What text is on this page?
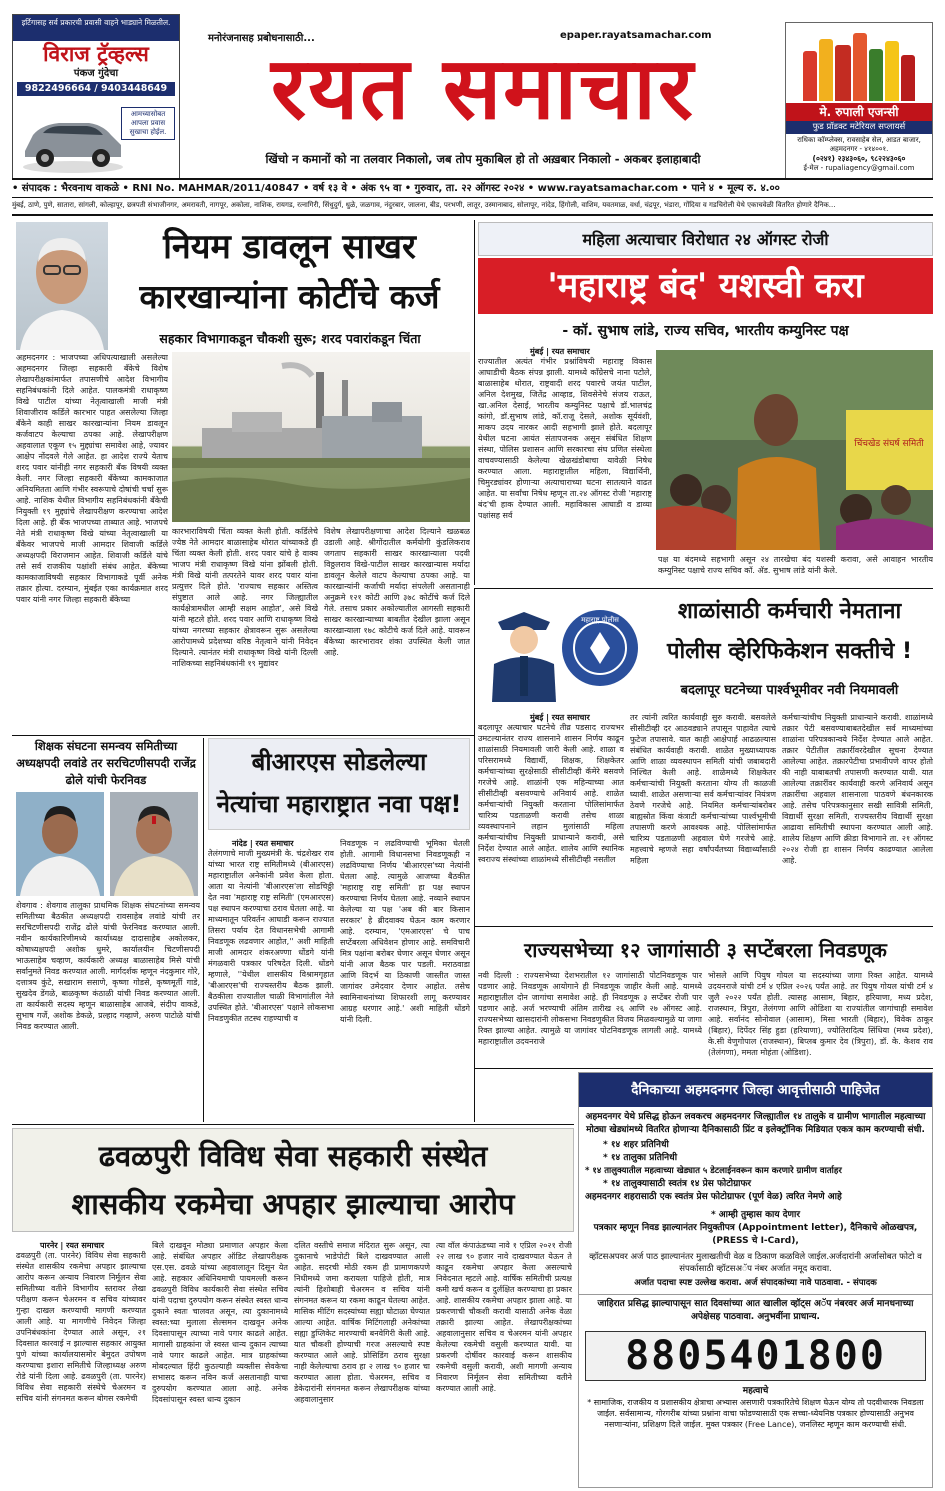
इर्टिगासह सर्व प्रकारची प्रवासी वाहने भाड्याने मिळतील.
विराज ट्रॅव्हल्स
पंकज गुंदेचा
9822496664 / 9403448649
आमच्यासोबत आपला प्रवास सुखाचा होईल.
मनोरंजनासह प्रबोधनासाठी...	epaper.rayatsamachar.com
रयत समाचार
खिंचो न कमानों को ना तलवार निकालो, जब तोप मुकाबिल हो तो अख़बार निकालो - अकबर इलाहाबादी
मे. रुपाली एजन्सी
फुड प्रॉडक्ट मटेरियल सप्लायर्स
राधिका कॉम्प्लेक्स, रावसाहेब सेल, आडत बाजार, अहमदनगर - ४१४००१.
(०२४१) २३४३०६०, ९८२२४३०६०
ई-मेल - rupaliagency@gmail.com
• संपादक : भैरवनाथ वाकळे • RNI No. MAHMAR/2011/40847 • वर्ष १३ वे • अंक ९५ वा • गुरुवार, ता. २२ ऑगस्ट २०२४ • www.rayatsamachar.com • पाने ४ • मूल्य रु. ४.००
मुंबई, ठाणे, पुणे, सातारा, सांगली, कोल्हापूर, छत्रपती संभाजीनगर, अमरावती, नागपूर, अकोला, नाशिक, रायगड, रत्नागिरी, सिंधुदुर्ग, धुळे, जळगाव, नंदुरबार, जालना, बीड, परभणी, लातूर, उस्मानाबाद, सोलापूर, नांदेड, हिंगोली, वाशिम, यवतमाळ, वर्धा, चंद्रपूर, भंडारा, गोंदिया व गडचिरोली येथे एकाचवेळी वितरित होणारे दैनिक...
नियम डावलून साखर
कारखान्यांना कोटींचे कर्ज
सहकार विभागाकडून चौकशी सुरू; शरद पवारांकडून चिंता
अहमदनगर : भाजपच्या अधिपत्याखाली असलेल्या अहमदनगर जिल्हा सहकारी बँकेचे विशेष लेखापरीक्षकांमार्फत तपासणीचे आदेश विभागीय सहनिबंधकांनी दिले आहेत. पालकमंत्री राधाकृष्ण विखे पाटील यांच्या नेतृत्वाखाली माजी मंत्री शिवाजीराव कर्डिले कारभार पाहत असलेल्या जिल्हा बँकेने काही साखर कारखान्यांना नियम डावलून कर्जवाटप केल्याचा ठपका आहे. लेखापरीक्षण अहवालात एकूण १५ मुद्द्यांचा समावेश आहे, ज्यावर आक्षेप नोंदवले गेले आहेत. हा आदेश राज्ये येताच शरद पवार यांनीही नगर सहकारी बँक विषयी व्यक्त केली. नगर जिल्हा सहकारी बँकेच्या कामकाजात अनियमितता आणि गंभीर स्वरूपाचे दोषांची चर्चा सुरू आहे. नाशिक येथील विभागीय सहनिबंधकांनी बँकेची नियुक्ती १९ मुद्द्यांचे लेखापरीक्षण करण्याचा आदेश दिला आहे. ही बँक भाजपच्या ताब्यात आहे. भाजपचे नेते मंत्री राधाकृष्ण विखे यांच्या नेतृत्वाखाली या बँकेवर भाजपचे माजी आमदार शिवाजी कर्डिले अध्यक्षपदी विराजमान आहेत. शिवाजी कर्डिले यांचे तसे सर्व राजकीय पक्षांशी संबंध आहेत. बँकेच्या कामकाजाविषयी सहकार विभागाकडे पूर्वी अनेक तक्रार होत्या. दरम्यान, मुंबईत एका कार्यक्रमात शरद पवार यांनी नगर जिल्हा सहकारी बँकेच्या
कारभाराविषयी चिंता व्यक्त केली होती. कर्डिलेचे ज्येष्ठ नेते आमदार बाळासाहेब थोरात यांच्याकडे ही चिंता व्यक्त केली होती. शरद पवार यांचे हे वाक्य भाजप मंत्री राधाकृष्ण विखे यांना झोंबली होती. मंत्री विखे यांनी तत्परतेने यावर शरद पवार यांना प्रत्युत्तर दिले होते. 'राज्याच सहकार अस्तित्व संपुष्टात आले आहे. नगर जिल्ह्यातील कार्यक्षेत्रामधील आम्ही सक्षम आहोत', असे विखे यांनी म्हटले होते. शरद पवार आणि राधाकृष्ण विखे यांच्या नगरच्या सहकार क्षेत्रावरून सुरू असलेल्या आरोपामध्ये प्रदेशच्या वरिष्ठ नेतृत्वाने यांनी निवेदन दिल्याने. त्यानंतर मंत्री राधाकृष्ण विखे यांनी दिल्ली नाशिकच्या सहनिबंधकांनी १९ मुद्यांवर
विशेष लेखापरीक्षणाचा आदेश दिल्याने खळबळ उडाली आहे. श्रीगोंदातील कर्मयोगी कुंडलिकराव जगताप सहकारी साखर कारखान्याला पदवी विठ्ठलराव विखे-पाटील साखर कारखान्यास मर्यादा डावलून केलेले वाटप केल्याचा ठपका आहे. या कारखान्यांनी कर्जाची मर्यादा संपलेली असतानाही अनुक्रमे १२१ कोटी आणि ३७८ कोटींचे कर्ज दिले गेले. तसाच प्रकार अकोल्यातील आगस्ती सहकारी साखर कारखान्याच्या बाबतीत देखील झाला असून कारखान्याला १७८ कोटीचे कर्ज दिले आहे. यावरून बँकेच्या कारभारावर शंका उपस्थित केली जात आहे.
महिला अत्याचार विरोधात २४ ऑगस्ट रोजी
'महाराष्ट्र बंद' यशस्वी करा
- कॉ. सुभाष लांडे, राज्य सचिव, भारतीय कम्युनिस्ट पक्ष
मुंबई | रयत समाचार
राज्यातील अत्यंत गंभीर प्रश्नांविषयी महाराष्ट्र विकास आघाडीची बैठक संपन्न झाली. यामध्ये कॉंग्रेसचे नाना पटोले, बाळासाहेब थोरात, राष्ट्रवादी शरद पवारचे जयंत पाटील, अनिल देशमुख, जितेंद्र आव्हाड, शिवसेनेचे संजय राऊत, खा.अनिल देसाई, भारतीय कम्युनिस्ट पक्षाचे डॉ.भालचंद्र कांगो, डॉ.सुभाष लांडे, कॉ.राजू देसले, अशोक सूर्यवंशी, माकप उदय नारकर आदी सहभागी झाले होते. बदलापूर येथील घटना आयंत संतापजनक असून संबंधित शिक्षण संस्था, पोलिस प्रशासन आणि सरकारचा संघ प्रणित संस्थेला वाचवण्यासाठी केलेल्या खेळखंडोबाचा यावेळी निषेध करण्यात आला. महाराष्ट्रातील महिला, विद्यार्थिनी, चिमुरड्यांवर होणाऱ्या अत्याचाराच्या घटना सातत्याने वाढत आहेत. या सर्वांचा निषेध म्हणून ता.२४ ऑगस्ट रोजी 'महाराष्ट्र बंद'ची हाक देण्यात आली. महाविकास आघाडी व डाव्या पक्षांसह सर्व
चिंचखेड संघर्ष समिती
पक्ष या बंदमध्ये सहभागी असून २४ तारखेचा बंद यशस्वी करावा, असे आवाहन भारतीय कम्युनिस्ट पक्षाचे राज्य सचिव कॉ. ॲड. सुभाष लांडे यांनी केले.
शिक्षक संघटना समन्वय समितीच्या अध्यक्षपदी लवांडे तर सरचिटणीसपदी राजेंद्र ढोले यांची फेरनिवड
शेवगाव : शेवगाव तालुका प्राथमिक शिक्षक संघटनांच्या समन्वय समितीच्या बैठकीत अध्यक्षपदी रावसाहेब लवांडे यांची तर सरचिटणीसपदी राजेंद्र ढोले यांची फेरनिवड करण्यात आली. नवीन कार्यकारिणीमध्ये कार्याध्यक्ष दादासाहेब अकोलकर, कोषाध्यक्षपदी अशोक धुमरे, कार्यालयीन चिटणीसपदी भाऊसाहेब चव्हाण, कार्यकारी अध्यक्ष बाळासाहेब मिसे यांची सर्वानुमते निवड करण्यात आली. मार्गदर्शक म्हणून नंदकुमार गोरे, दत्तात्रय कुंटे, सखाराम ससाणे, कृष्णा गोडसे, कृष्णमूर्ती गाडे, सुखदेव डेंगळे, बाळकृष्ण कंठाळी यांची निवड करण्यात आली. ता कार्यकारी सदस्य म्हणून बाळासाहेब आजबे, संदीप वाकडे, सुभाष गर्जे, अशोक डेकळे, प्रल्हाद गव्हाणे, अरुण पाटोळे यांची निवड करण्यात आली.
बीआरएस सोडलेल्या
नेत्यांचा महाराष्ट्रात नवा पक्ष!
नांदेड | रयत समाचार
तेलंगणाचे माजी मुख्यमंत्री के. चंद्रशेखर राव यांच्या भारत राष्ट्र समितीमध्ये (बीआरएस) महाराष्ट्रातील अनेकांनी प्रवेश केला होता. आता या नेत्यांनी 'बीआरएस'ला सोडचिठ्ठी देत नवा 'महाराष्ट्र राष्ट्र समिती' (एमआरएस) पक्ष स्थापन करण्याचा ठराव घेतला आहे. या माध्यमातून परिवर्तन आघाडी करून राज्यात तिसरा पर्याय देत विधानसभेची आगामी निवडणूक लढवणार आहोत,'' अशी माहिती माजी आमदार शंकरअण्णा धोंडगे यांनी मंगळवारी पत्रकार परिषदेत दिली. धोंडगे म्हणाले, ''येथील शासकीय विश्रामगृहात 'बीआरएस'ची राज्यस्तरीय बैठक झाली. बैठकीला राज्यातील चाळी विभागांतील नेते उपस्थित होते. 'बीआरएस' पक्षाने लोकसभा निवडणुकीत तटस्थ राहण्याची व
निवडणूक न लढविण्याची भूमिका घेतली होती. आगामी विधानसभा निवडणूकही न लढविण्याचा निर्णय 'बीआरएस'च्या नेत्यांनी घेतला आहे. त्यामुळे आजच्या बैठकीत 'महाराष्ट्र राष्ट्र समिती' हा पक्ष स्थापन करण्याचा निर्णय घेतला आहे. नव्याने स्थापन केलेल्या या पक्ष 'अब की बार किसान सरकार' हे ब्रीदवाक्य घेऊन काम करणार आहे. दरम्यान, 'एमआरएस' चे पाच सप्टेंबरला अधिवेशन होणार आहे. समविचारी मित्र पक्षांना बरोबर घेणार असून घेणार असून यांनी आज बैठक पार पडली. मराठवाडा आणि विदर्भ या ठिकाणी जास्तीत जास्त जागांवर उमेदवार देणार आहोत. तसेच स्वामिनाथनांच्या शिफारशी लागू करण्यावर आग्रह धरणार आहे.' अशी माहिती धोंडगे यांनी दिली.
महाराष्ट्र पोलीस	शाळांसाठी कर्मचारी नेमताना
पोलीस व्हेरिफिकेशन सक्तीचे !
बदलापूर घटनेच्या पार्श्वभूमीवर नवी नियमावली
मुंबई | रयत समाचार
बदलापूर अत्याचार घटनेचे तीव्र पडसाद राज्यभर उमटल्यानंतर राज्य शासनाने शासन निर्णय काढून शाळांसाठी नियमावली जारी केली आहे. शाळा व परिसरामध्ये विद्यार्थी, शिक्षक, शिक्षकेतर कर्मचाऱ्यांच्या सुरक्षेसाठी सीसीटीव्ही कॅमेरे बसवणे गरजेचे आहे. शाळांनी एक महिन्याच्या आत सीसीटीव्ही बसवण्याचे अनिवार्य आहे. शाळेत कर्मचाऱ्यांची नियुक्ती करताना पोलिसांमार्फत चारित्र्य पडताळणी करावी तसेच शाळा व्यवस्थापनाने लहान मुलांसाठी महिला कर्मचाऱ्यांचीच नियुक्ती प्राधान्याने करावी, असे निर्देश देण्यात आले आहेत. शालेय आणि स्थानिक स्वराज्य संस्थांच्या शाळांमध्ये सीसीटीव्ही नसतील
तर त्यांनी त्वरित कार्यवाही सुरु करावी. बसवलेले सीसीटीव्ही दर आठवड्याने तपासून पाहावेत त्याचे फुटेज तपासावे. यात काही आक्षेपार्ह आढळल्यास संबंधित कार्यवाही करावी. शाळेत मुख्याध्यापक आणि शाळा व्यवस्थापन समिती यांची जबाबदारी निश्चित केली आहे. शाळेमध्ये शिक्षकेतर कर्मचाऱ्यांची नियुक्ती करताना योग्य ती काळजी घ्यावी. शाळेत असणाऱ्या सर्व कर्मचाऱ्यांवर नियंत्रण ठेवणे गरजेचे आहे. नियमित कर्मचाऱ्यांबरोबर बाह्यस्रोत किंवा कंत्राटी कर्मचाऱ्यांच्या पार्श्वभूमीची तपासणी करणे आवश्यक आहे. पोलिसांमार्फत चारित्र्य पडताळणी अहवाल घेणे गरजेचे आहे. महत्त्वाचे म्हणजे सहा वर्षांपर्यंतच्या विद्यार्थ्यांसाठी महिला
कर्मचाऱ्यांचीच नियुक्ती प्राधान्याने करावी. शाळांमध्ये तक्रार पेटी बसवण्याबाबतदेखील सर्व माध्यमांच्या शाळांना परिपत्रकान्वये निर्देश देण्यात आले आहेत. तक्रार पेटीतील तक्रारींवरदेखील सूचना देण्यात आलेल्या आहेत. तक्रारपेटीचा प्रभावीपणे वापर होतो की नाही याबाबतची तपासणी करण्यात यावी. यात आलेल्या तक्रारींवर कार्यवाही करणे अनिवार्य असून तक्रारींचा अहवाल शासनाला पाठवणे बंधनकारक आहे. तसेच परिपत्रकानुसार सखी सावित्री समिती, विद्यार्थी सुरक्षा समिती, राज्यस्तरीय विद्यार्थी सुरक्षा आढावा समितीची स्थापना करण्यात आली आहे. शालेय शिक्षण आणि क्रीडा विभागाने ता. २१ ऑगस्ट २०२४ रोजी हा शासन निर्णय काढण्यात आलेला आहे.
राज्यसभेच्या १२ जागांसाठी ३ सप्टेंबरला निवडणूक
नवी दिल्ली : राज्यसभेच्या देशभरातील १२ जागांसाठी पोटनिवडणूक पार पडणार आहे. निवडणूक आयोगाने ही निवडणूक जाहीर केली आहे. यामध्ये महाराष्ट्रातील दोन जागांचा समावेश आहे. ही निवडणूक ३ सप्टेंबर रोजी पार पडणार आहे. अर्ज भरण्याची अंतिम तारीख २६ आणि २७ ऑगस्ट आहे. राज्यसभेच्या खासदारांनी लोकसभा निवडणुकीत विजय मिळवल्यामुळे या जागा रिक्त झाल्या आहेत. त्यामुळे या जागांवर पोटनिवडणूक लागली आहे. यामध्ये महाराष्ट्रातील उदयनराजे
भोसले आणि पियुष गोयल या सदस्यांच्या जागा रिक्त आहेत. यामध्ये उदयनराजे यांची टर्म ४ एप्रिल २०२६ पर्यंत आहे. तर पियुष गोयल यांची टर्म ४ जुलै २०२२ पर्यंत होती. त्यासह आसाम, बिहार, हरियाणा, मध्य प्रदेश, राजस्थान, त्रिपुरा, तेलंगणा आणि ओडिशा या राज्यांतील जागांचाही समावेश आहे. सर्वानंद सोनोवाल (आसाम), मिसा भारती (बिहार), विवेक ठाकूर (बिहार), दिपेंदर सिंह हुडा (हरियाणा), ज्योतिरादित्य सिंधिया (मध्य प्रदेश), के.सी वेणुगोपाल (राजस्थान), बिप्लब कुमार देव (त्रिपुरा), डॉ. के. केशव राव (तेलंगणा), ममता मोहंता (ओडिशा).
दैनिकाच्या अहमदनगर जिल्हा आवृत्तीसाठी पाहिजेत
अहमदनगर येथे प्रसिद्ध होऊन लवकरच अहमदनगर जिल्ह्यातील १४ तालुके व ग्रामीण भागातील महत्वाच्या मोठ्या खेड्यांमध्ये वितरित होणाऱ्या दैनिकासाठी प्रिंट व इलेक्ट्रॉनिक मिडियात एकत्र काम करण्याची संधी.
* १४ शहर प्रतिनिधी
* १४ तालुका प्रतिनिधी
* १४ तालुक्यातील महत्वाच्या खेड्यात ५ डेटलाईनवरून काम करणारे ग्रामीण वार्ताहर
* १४ तालुक्यासाठी स्वतंत्र १४ प्रेस फोटोग्राफर
अहमदनगर शहरासाठी एक स्वतंत्र प्रेस फोटोग्राफर (पूर्ण वेळ) त्वरित नेमणे आहे
* आम्ही तुम्हास काय देणार
पत्रकार म्हणून निवड झाल्यानंतर नियुक्तीपत्र (Appointment letter), दैनिकाचे ओळखपत्र, (PRESS चे I-Card),
व्हॉटसअपवर अर्ज पाठ झाल्यानंतर मुलाखतीची वेळ व ठिकाण कळविले जाईल.अर्जदारांनी अर्जासोबत फोटो व संपर्कासाठी व्हॉटसअॅप नंबर अर्जात नमूद करावा.
अर्जात पदाचा स्पष्ट उल्लेख करावा. अर्ज संपादकांच्या नावे पाठवावा. - संपादक
जाहिरात प्रसिद्ध झाल्यापासून सात दिवसांच्या आत खालील व्हॉट्स अॅप नंबरवर अर्ज मानधनाच्या अपेक्षेसह पाठवावा. अनुभवींना प्राधान्य.
8805401800
महत्वाचे
* सामाजिक, राजकीय व प्रशासकीय क्षेत्राचा अभ्यास असणारी पत्रकारितेचे शिक्षण घेऊन योग्य तो पदवीधारक निवडला जाईल. सर्वसामान्य, गोरगरीब यांच्या प्रश्नांना वाचा फोडण्यासाठी एक सच्चा-ध्येयनिष्ठ पत्रकार होण्यासाठी अनुभव नसणाऱ्यांना, प्रशिक्षण दिले जाईल. मुक्त पत्रकार (Free Lance), जनलिस्ट म्हणून काम करण्याची संधी.
ढवळपुरी विविध सेवा सहकारी संस्थेत
शासकीय रकमेचा अपहार झाल्याचा आरोप
पारनेर | रयत समाचार
ढवळपुरी (ता. पारनेर) विविध सेवा सहकारी संस्थेत शासकीय रकमेचा अपहार झाल्याचा आरोप करून अन्याय निवारण निर्मूलन सेवा समितीच्या वतीने विभागीय स्तरावर लेखा परीक्षण करून चेअरमन व सचिव यांच्यावर गुन्हा दाखल करण्याची मागणी करण्यात आली आहे. या मागणीचे निवेदन जिल्हा उपनिबंधकांना देण्यात आले असून, २१ दिवसात कारवाई न झाल्यास सहकार आयुक्त पुणे यांच्या कार्यालयासमोर बेमुदत उपोषण करण्याचा इशारा समितीचे जिल्हाध्यक्ष अरुण रोडे यांनी दिला आहे. ढवळपुरी (ता. पारनेर) विविध सेवा सहकारी संस्थेचे चेअरमन व सचिव यांनी संगनमत करून बोगस रकमेची
बिले दाखवून मोठ्या प्रमाणात अपहार केला आहे. संबंधित अपहार ऑडिट लेखापरीक्षक एस.एस. ढवळे यांच्या अहवालातून दिसून येत आहे. सहकार अधिनियमाची पायमल्ली करून ढवळपुरी विविध कार्यकारी सेवा संस्थेत सचिव यांनी पदाचा दुरुपयोग करून संस्थेत स्वस्त धान्य दुकाने स्वतः चालवत असून, त्या दुकानामध्ये स्वस्त:च्या मुलाला सेल्समन दाखवून अनेक दिवसापासून त्याच्या नावे पगार काढले आहेत. मागासी ग्राहकांना जे स्वस्त धान्य दुकान त्याच्या नावे पगार काढले आहेत. मात्र ग्राहकांच्या मोबदल्यात हिंदी कुठल्याही व्यक्तीस सेवकेचा सभासद करून नविन कर्ज असतानाही याचा दुरुपयोग करण्यात आला आहे. अनेक दिवसांपासून स्वस्त धान्य दुकान
दलित वस्तीचे समाज मंदिरात सुरू असून, त्या दुकानाचे भाडेपोटी बिले दाखवण्यात आली आहेत. सदरची मोठी रकम ही प्रामाणकपणे निधीमध्ये जमा करायला पाहिजे होती, मात्र त्यांनी हिशोबाही चेअरमन व सचिव यांनी संगनमत करून या रकमा काढून घेतल्या आहेत. मासिक मीटिंग सदस्यांच्या सह्या घोटाळा घेण्यात आल्या आहेत. वार्षिक मिटिंगलाही अनेकांच्या सह्या डुप्लिकेट मारण्याची बनवेगिरी केली आहे. यात चौकशी होण्याची गरज असल्याचे स्पष्ट करण्यात आले आहे. प्रोसिडिंग ठराव सुरक्षा नाही केलेल्याचा ठराव हा २ लाख ९० हजार चा करण्यात आला होता. चेअरमन, सचिव व डेकेदारांनी संगनमत करून लेखापरीक्षक यांच्या अहवालानुसार
त्या वॉल कंपाऊंडच्या नावे १ एप्रिल २०२१ रोजी २२ लाख ९० हजार नावे दाखवण्यात येऊन ते काढून रकमेचा अपहार केला असल्याचे निवेदनात म्हटले आहे. वार्षिक समितीची प्रत्यक्ष कमी खर्च करून व दुर्लक्षित करण्याचा हा प्रकार आहे. शासकीय रकमेचा अपहार झाला आहे. या प्रकरणाची चौकशी करावी यासाठी अनेक वेळा तक्रारी झाल्या आहेत. लेखापरीक्षकांच्या अहवालानुसार सचिव व चेअरमन यांनी अपहार केलेल्या रकमेची वसुली करण्यात यावी. या प्रकरणी दोषींवर कारवाई करून शासकीय रकमेची वसुली करावी, अशी मागणी अन्याय निवारण निर्मूलन सेवा समितीच्या वतीने करण्यात आली आहे.
